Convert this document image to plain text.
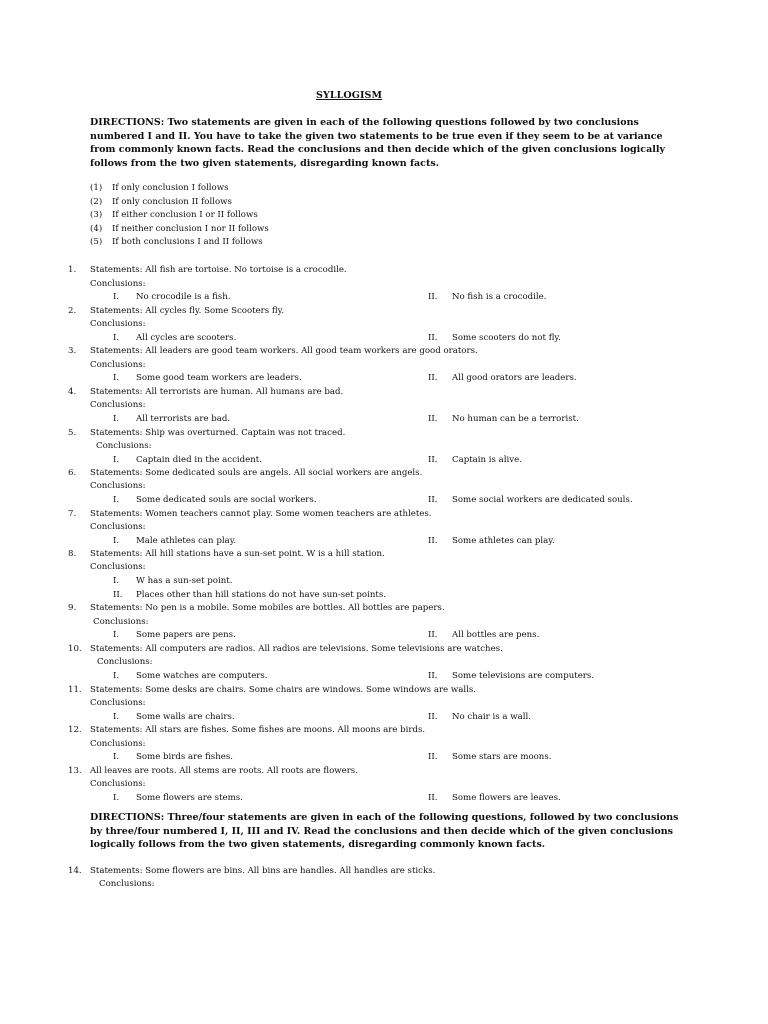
SYLLOGISM
DIRECTIONS: Two statements are given in each of the following questions followed by two conclusions numbered I and II. You have to take the given two statements to be true even if they seem to be at variance from commonly known facts. Read the conclusions and then decide which of the given conclusions logically follows from the two given statements, disregarding known facts.
(1) If only conclusion I follows
(2) If only conclusion II follows
(3) If either conclusion I or II follows
(4) If neither conclusion I nor II follows
(5) If both conclusions I and II follows
1. Statements: All fish are tortoise. No tortoise is a crocodile.
Conclusions:
I. No crocodile is a fish.	II. No fish is a crocodile.
2. Statements: All cycles fly. Some Scooters fly.
Conclusions:
I. All cycles are scooters.	II. Some scooters do not fly.
3. Statements: All leaders are good team workers. All good team workers are good orators.
Conclusions:
I. Some good team workers are leaders.	II. All good orators are leaders.
4. Statements: All terrorists are human. All humans are bad.
Conclusions:
I. All terrorists are bad.	II. No human can be a terrorist.
5. Statements: Ship was overturned. Captain was not traced.
Conclusions:
I. Captain died in the accident.	II. Captain is alive.
6. Statements: Some dedicated souls are angels. All social workers are angels.
Conclusions:
I. Some dedicated souls are social workers.	II. Some social workers are dedicated souls.
7. Statements: Women teachers cannot play. Some women teachers are athletes.
Conclusions:
I. Male athletes can play.	II. Some athletes can play.
8. Statements: All hill stations have a sun-set point. W is a hill station.
Conclusions:
I. W has a sun-set point.
II. Places other than hill stations do not have sun-set points.
9. Statements: No pen is a mobile. Some mobiles are bottles. All bottles are papers.
Conclusions:
I. Some papers are pens.	II. All bottles are pens.
10. Statements: All computers are radios. All radios are televisions. Some televisions are watches.
Conclusions:
I. Some watches are computers.	II. Some televisions are computers.
11. Statements: Some desks are chairs. Some chairs are windows. Some windows are walls.
Conclusions:
I. Some walls are chairs.	II. No chair is a wall.
12. Statements: All stars are fishes. Some fishes are moons. All moons are birds.
Conclusions:
I. Some birds are fishes.	II. Some stars are moons.
13. All leaves are roots. All stems are roots. All roots are flowers.
Conclusions:
I. Some flowers are stems.	II. Some flowers are leaves.
DIRECTIONS: Three/four statements are given in each of the following questions, followed by two conclusions by three/four numbered I, II, III and IV. Read the conclusions and then decide which of the given conclusions logically follows from the two given statements, disregarding commonly known facts.
14. Statements: Some flowers are bins. All bins are handles. All handles are sticks.
Conclusions:
